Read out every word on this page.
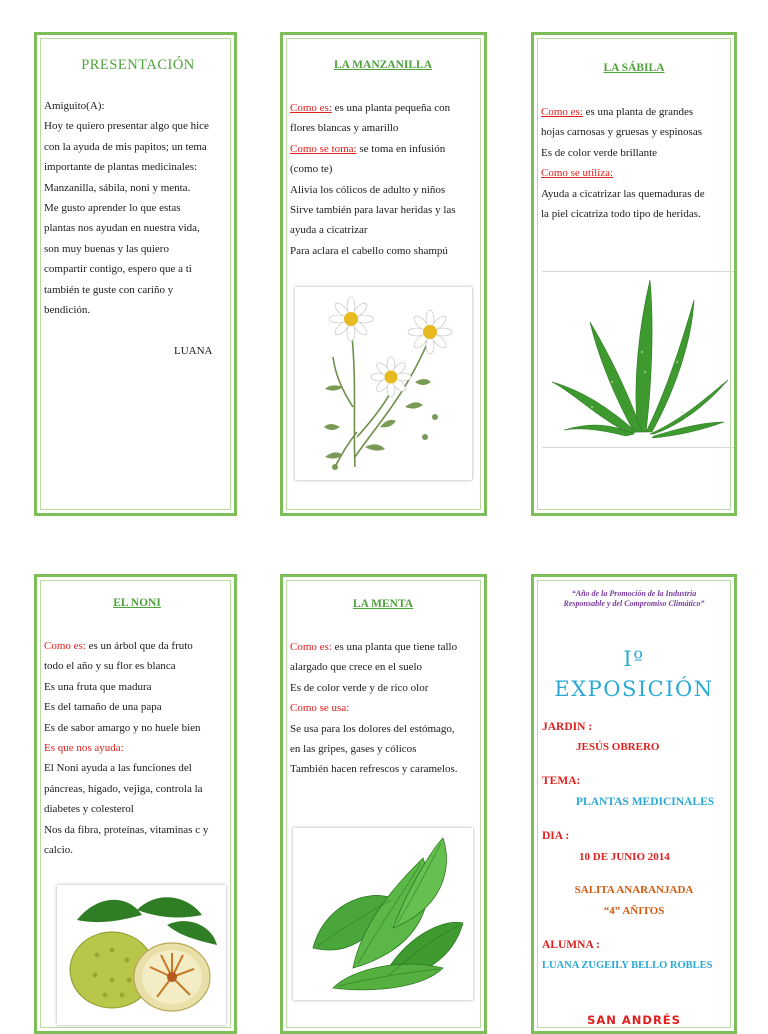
PRESENTACIÓN
Amiguito(A):
Hoy te quiero presentar algo que hice
con la ayuda de mis papitos; un tema
importante de plantas medicinales:
Manzanilla, sábila, noni y menta.
Me gusto aprender lo que estas
plantas nos ayudan en nuestra vida,
son muy buenas y las quiero
compartir contigo, espero que a ti
también te guste con cariño y
bendición.
LUANA
LA MANZANILLA
Como es: es una planta pequeña con
flores blancas y amarillo
Como se toma: se toma en infusión
(como te)
Alivia los cólicos de adulto y niños
Sirve también para lavar heridas y las
ayuda a cicatrizar
Para aclara el cabello como shampú
LA SÁBILA
Como es: es una planta de grandes
hojas carnosas y gruesas y espinosas
Es de color verde brillante
Como se utiliza:
Ayuda a cicatrizar las quemaduras de
la piel cicatriza todo tipo de heridas.
EL NONI
Como es: es un árbol que da fruto
todo el año y su flor es blanca
Es una fruta que madura
Es del tamaño de una papa
Es de sabor amargo y no huele bien
Es que nos ayuda:
El Noni ayuda a las funciones del
páncreas, hígado, vejiga, controla la
diabetes y colesterol
Nos da fibra, proteínas, vitaminas c y
calcio.
LA MENTA
Como es: es una planta que tiene tallo
alargado que crece en el suelo
Es de color verde y de rico olor
Como se usa:
Se usa para los dolores del estómago,
en las gripes, gases y cólicos
También hacen refrescos y caramelos.
“Año de la Promoción de la Industria
Responsable y del Compromiso Climático”
Iº
EXPOSICIÓN
JARDIN :
JESÚS OBRERO
TEMA:
PLANTAS MEDICINALES
DIA :
10 DE JUNIO 2014
SALITA ANARANJADA
“4” AÑITOS
ALUMNA :
LUANA ZUGEILY BELLO ROBLES
SAN ANDRÉS
